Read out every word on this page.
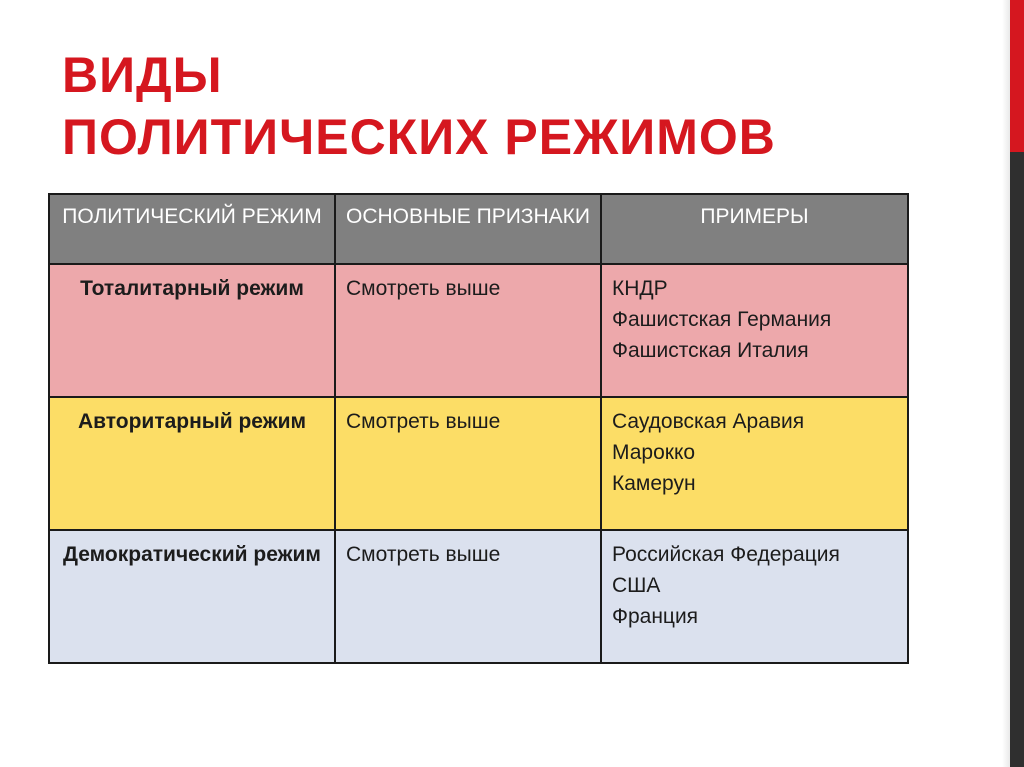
ВИДЫ
ПОЛИТИЧЕСКИХ РЕЖИМОВ
ПОЛИТИЧЕСКИЙ РЕЖИМ	ОСНОВНЫЕ ПРИЗНАКИ	ПРИМЕРЫ
Тоталитарный режим	Смотреть выше	КНДР
Фашистская Германия
Фашистская Италия

Авторитарный режим	Смотреть выше	Саудовская Аравия
Марокко
Камерун

Демократический режим	Смотреть выше	Российская Федерация
США
Франция
